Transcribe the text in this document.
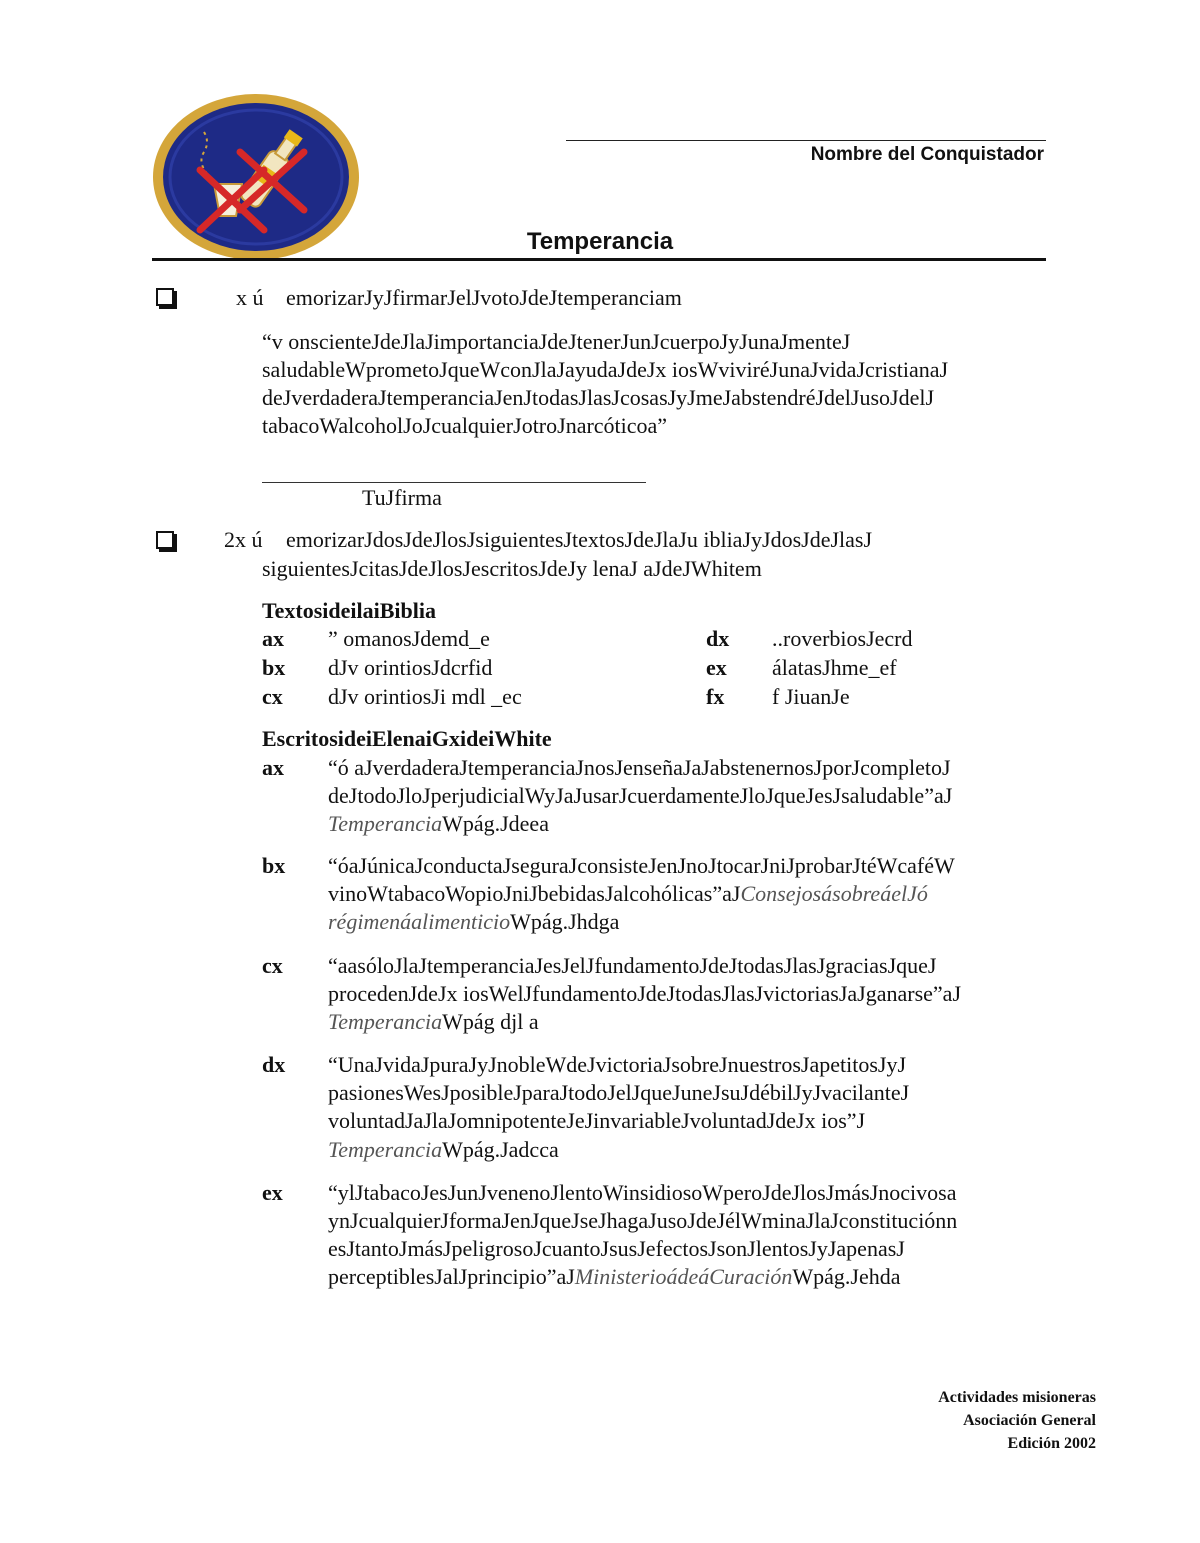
Nombre del Conquistador
Temperancia
x ú emorizarJyJfirmarJelJvotoJdeJtemperanciam
“v onscienteJdeJlaJimportanciaJdeJtenerJunJcuerpoJyJunaJmenteJ
saludableWprometoJqueWconJlaJayudaJdeJx iosWviviréJunaJvidaJcristianaJ
deJverdaderaJtemperanciaJenJtodasJlasJcosasJyJmeJabstendréJdelJusoJdelJ
tabacoWalcoholJoJcualquierJotroJnarcóticoa”
TuJfirma
2x ú emorizarJdosJdeJlosJsiguientesJtextosJdeJlaJu ibliaJyJdosJdeJlasJ
siguientesJcitasJdeJlosJescritosJdeJy lenaJ aJdeJWhitem
TextosideilaiBiblia
ax ” omanosJdemd_e
bx dJv orintiosJdcrfid
cx dJv orintiosJi mdl _ec
dx ..roverbiosJecrd
ex álatasJhme_ef
fx f JiuanJe
EscritosideiElenaiGxideiWhite
ax “ó aJverdaderaJtemperanciaJnosJenseñaJaJabstenernosJporJcompletoJ
deJtodoJloJperjudicialWyJaJusarJcuerdamenteJloJqueJesJsaludable”aJ
TemperanciaWpág.Jdeea
bx “óaJúnicaJconductaJseguraJconsisteJenJnoJtocarJniJprobarJtéWcaféW
vinoWtabacoWopioJniJbebidasJalcohólicas”aJConsejosásobreáelJó
régimenáalimenticioWpág.Jhdga
cx “aasóloJlaJtemperanciaJesJelJfundamentoJdeJtodasJlasJgraciasJqueJ
procedenJdeJx iosWelJfundamentoJdeJtodasJlasJvictoriasJaJganarse”aJ
TemperanciaWpág djl a
dx “UnaJvidaJpuraJyJnobleWdeJvictoriaJsobreJnuestrosJapetitosJyJ
pasionesWesJposibleJparaJtodoJelJqueJuneJsuJdébilJyJvacilanteJ
voluntadJaJlaJomnipotenteJeJinvariableJvoluntadJdeJx ios”J
TemperanciaWpág.Jadcca
ex “ylJtabacoJesJunJvenenoJlentoWinsidiosoWperoJdeJlosJmásJnocivosa
ynJcualquierJformaJenJqueJseJhagaJusoJdeJélWminaJlaJconstituciónn
esJtantoJmásJpeligrosoJcuantoJsusJefectosJsonJlentosJyJapenasJ
perceptiblesJalJprincipio”aJMinisterioádeáCuraciónWpág.Jehda
Actividades misioneras
Asociación General
Edición 2002
